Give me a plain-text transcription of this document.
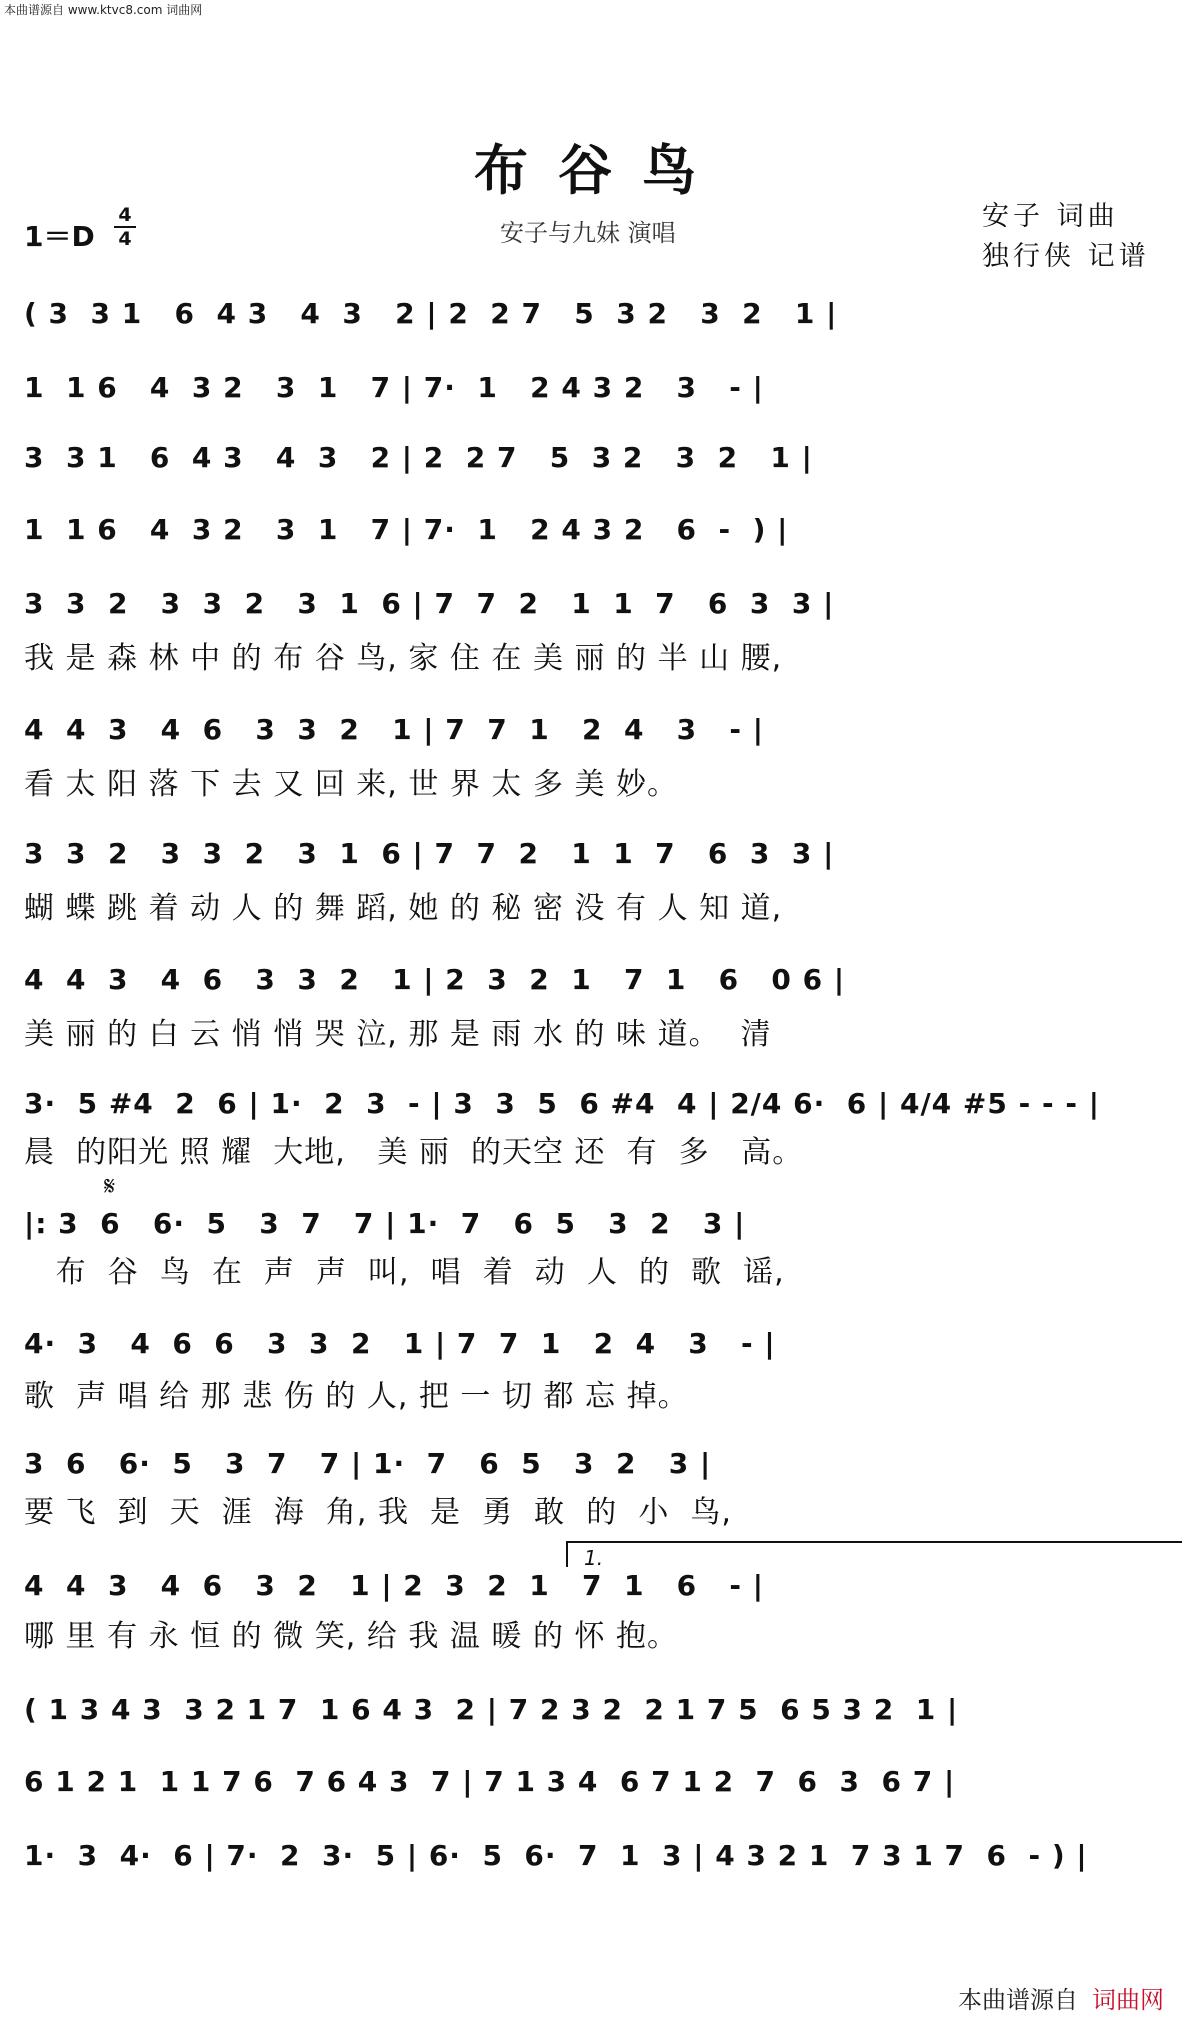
本曲谱源自 www.ktvc8.com 词曲网
布谷鸟
1＝D
4
4	安子与九妹 演唱
安子 词曲
独行侠 记谱
( 3  3 1   6  4 3   4  3   2 | 2  2 7   5  3 2   3  2   1 |
1  1 6   4  3 2   3  1   7 | 7·  1   2 4 3 2   3   - |
3  3 1   6  4 3   4  3   2 | 2  2 7   5  3 2   3  2   1 |
1  1 6   4  3 2   3  1   7 | 7·  1   2 4 3 2   6  -  ) |
3  3  2   3  3  2   3  1  6 | 7  7  2   1  1  7   6  3  3 |
我 是 森 林 中 的 布 谷 鸟, 家 住 在 美 丽 的 半 山 腰,
4  4  3   4  6   3  3  2   1 | 7  7  1   2  4   3   - |
看 太 阳 落 下 去 又 回 来, 世 界 太 多 美 妙。
3  3  2   3  3  2   3  1  6 | 7  7  2   1  1  7   6  3  3 |
蝴 蝶 跳 着 动 人 的 舞 蹈, 她 的 秘 密 没 有 人 知 道,
4  4  3   4  6   3  3  2   1 | 2  3  2  1   7  1   6   0 6 |
美 丽 的 白 云 悄 悄 哭 泣, 那 是 雨 水 的 味 道。  清
3·  5 #4  2  6 | 1·  2  3  - | 3  3  5  6 #4  4 | 2/4 6·  6 | 4/4 #5 - - - |
晨  的阳光 照 耀  大地,   美 丽  的天空 还  有  多   高。
𝄋
|: 3  6   6·  5   3  7   7 | 1·  7   6  5   3  2   3 |
布  谷  鸟  在  声  声  叫,  唱  着  动  人  的  歌  谣,
4·  3   4  6  6   3  3  2   1 | 7  7  1   2  4   3   - |
歌  声 唱 给 那 悲 伤 的 人, 把 一 切 都 忘 掉。
3  6   6·  5   3  7   7 | 1·  7   6  5   3  2   3 |
要 飞  到  天  涯  海  角, 我  是  勇  敢  的  小  鸟,
1.
4  4  3   4  6   3  2   1 | 2  3  2  1   7  1   6   - |
哪 里 有 永 恒 的 微 笑, 给 我 温 暖 的 怀 抱。
( 1 3 4 3  3 2 1 7  1 6 4 3  2 | 7 2 3 2  2 1 7 5  6 5 3 2  1 |
6 1 2 1  1 1 7 6  7 6 4 3  7 | 7 1 3 4  6 7 1 2  7  6  3  6 7 |
1·  3  4·  6 | 7·  2  3·  5 | 6·  5  6·  7  1  3 | 4 3 2 1  7 3 1 7  6  - ) |
本曲谱源自 词曲网
